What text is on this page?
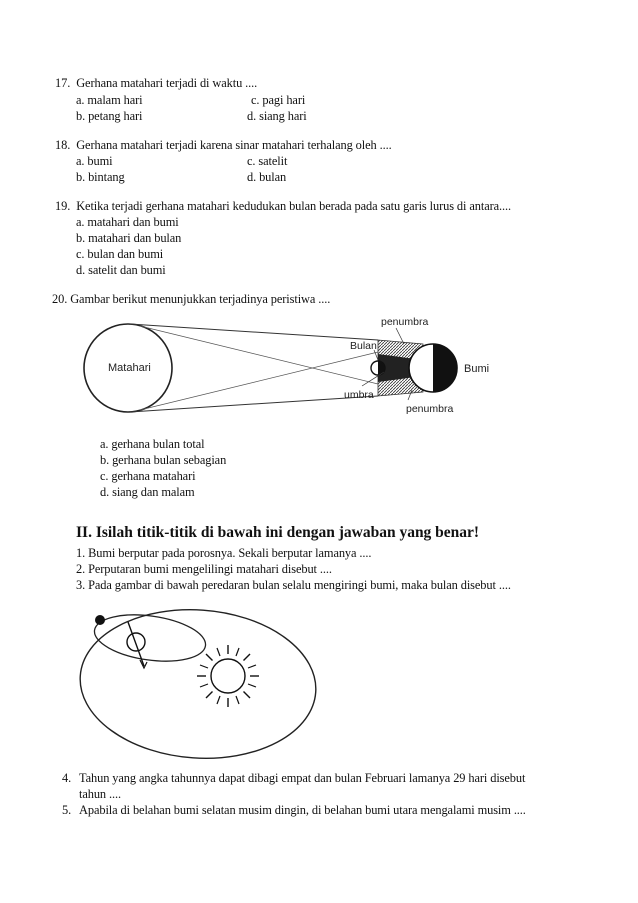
17. Gerhana matahari terjadi di waktu ....
a. malam hari	c. pagi hari
b. petang hari	d. siang hari
18. Gerhana matahari terjadi karena sinar matahari terhalang oleh ....
a. bumi	c. satelit
b. bintang	d. bulan
19. Ketika terjadi gerhana matahari kedudukan bulan berada pada satu garis lurus di antara....
a. matahari dan bumi
b. matahari dan bulan
c. bulan dan bumi
d. satelit dan bumi
20. Gambar berikut menunjukkan terjadinya peristiwa ....
Matahari
penumbra
Bulan
Bumi
umbra
penumbra
a. gerhana bulan total
b. gerhana bulan sebagian
c. gerhana matahari
d. siang dan malam
II. Isilah titik-titik di bawah ini dengan jawaban yang benar!
1. Bumi berputar pada porosnya. Sekali berputar lamanya ....
2. Perputaran bumi mengelilingi matahari disebut ....
3. Pada gambar di bawah peredaran bulan selalu mengiringi bumi, maka bulan disebut ....
4. Tahun yang angka tahunnya dapat dibagi empat dan bulan Februari lamanya 29 hari disebut
tahun ....
5. Apabila di belahan bumi selatan musim dingin, di belahan bumi utara mengalami musim ....
